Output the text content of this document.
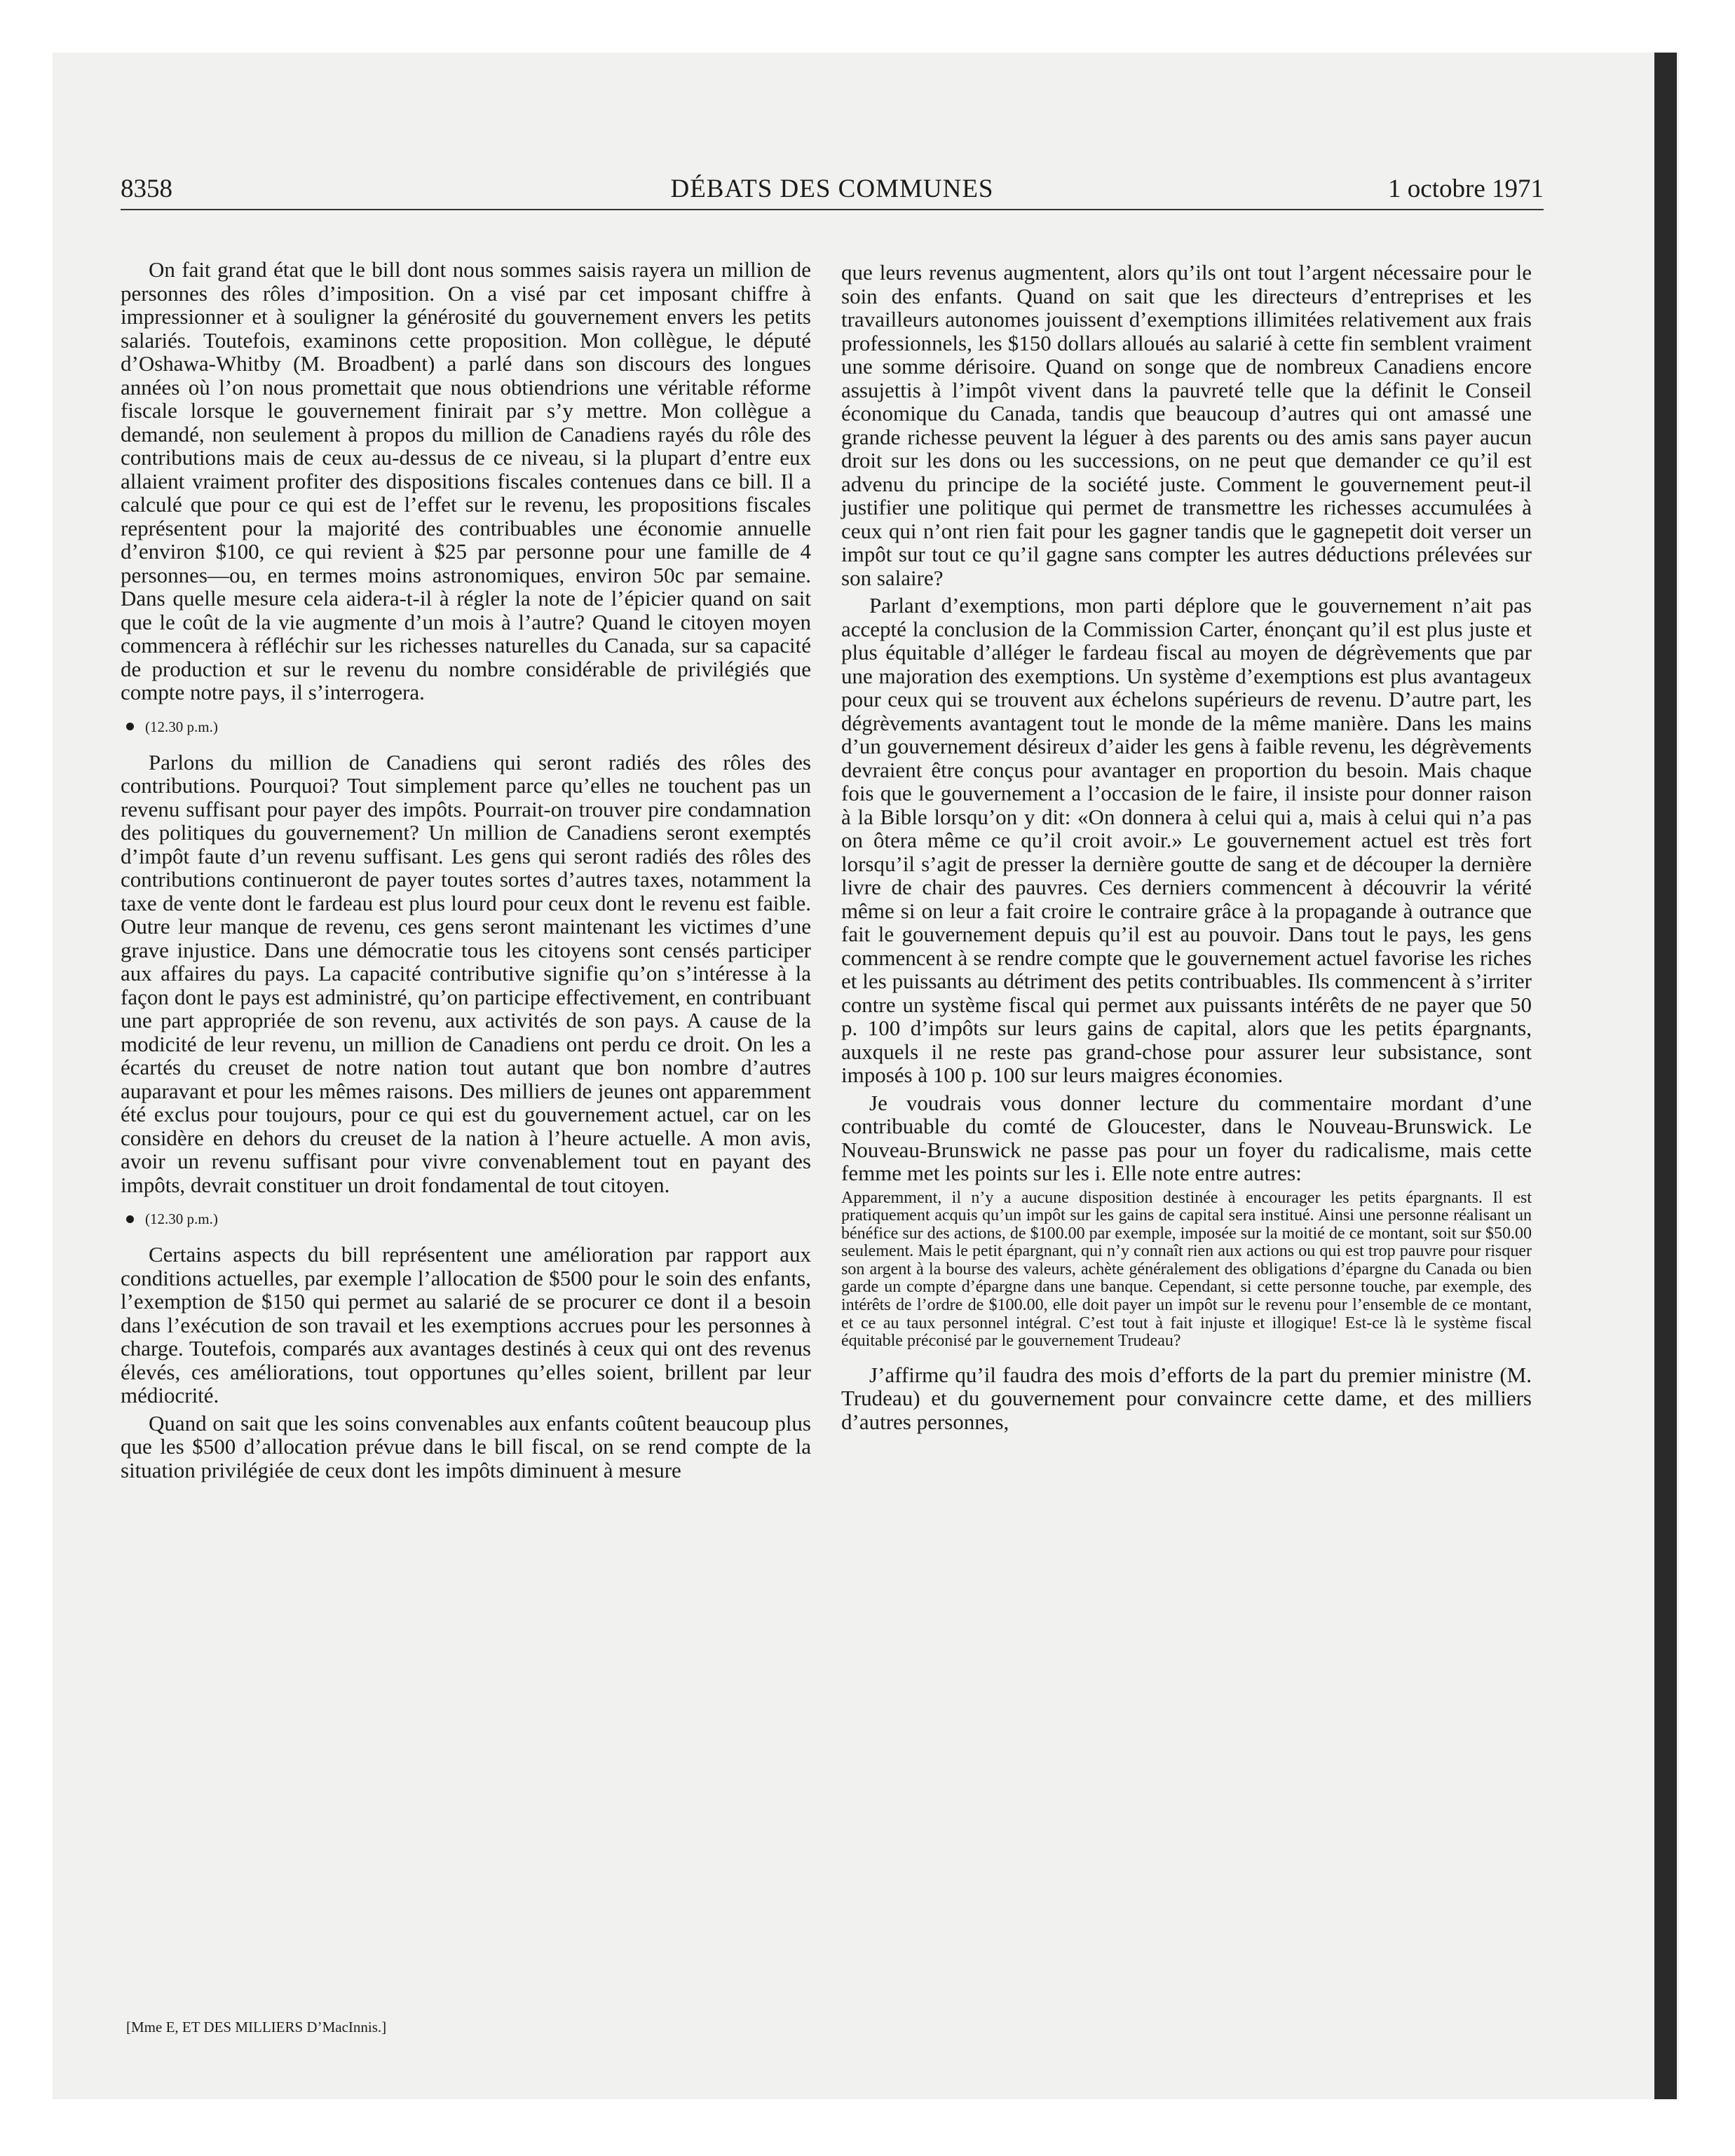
8358	DÉBATS DES COMMUNES	1 octobre 1971

On fait grand état que le bill dont nous sommes saisis rayera un million de personnes des rôles d’imposition. On a visé par cet imposant chiffre à impressionner et à souligner la générosité du gouvernement envers les petits salariés. Toutefois, examinons cette proposition. Mon collègue, le député d’Oshawa-Whitby (M. Broadbent) a parlé dans son discours des longues années où l’on nous promettait que nous obtiendrions une véritable réforme fiscale lorsque le gouvernement finirait par s’y mettre. Mon collègue a demandé, non seulement à propos du million de Canadiens rayés du rôle des contributions mais de ceux au-dessus de ce niveau, si la plupart d’entre eux allaient vraiment profiter des dispositions fiscales contenues dans ce bill. Il a calculé que pour ce qui est de l’effet sur le revenu, les propositions fiscales représentent pour la majorité des contribuables une économie annuelle d’environ $100, ce qui revient à $25 par personne pour une famille de 4 personnes—ou, en termes moins astronomiques, environ 50c par semaine. Dans quelle mesure cela aidera-t-il à régler la note de l’épicier quand on sait que le coût de la vie augmente d’un mois à l’autre? Quand le citoyen moyen commencera à réfléchir sur les richesses naturelles du Canada, sur sa capacité de production et sur le revenu du nombre considérable de privilégiés que compte notre pays, il s’interrogera.

(12.30 p.m.)

Parlons du million de Canadiens qui seront radiés des rôles des contributions. Pourquoi? Tout simplement parce qu’elles ne touchent pas un revenu suffisant pour payer des impôts. Pourrait-on trouver pire condamnation des politiques du gouvernement? Un million de Canadiens seront exemptés d’impôt faute d’un revenu suffisant. Les gens qui seront radiés des rôles des contributions continueront de payer toutes sortes d’autres taxes, notamment la taxe de vente dont le fardeau est plus lourd pour ceux dont le revenu est faible. Outre leur manque de revenu, ces gens seront maintenant les victimes d’une grave injustice. Dans une démocratie tous les citoyens sont censés participer aux affaires du pays. La capacité contributive signifie qu’on s’intéresse à la façon dont le pays est administré, qu’on participe effectivement, en contribuant une part appropriée de son revenu, aux activités de son pays. A cause de la modicité de leur revenu, un million de Canadiens ont perdu ce droit. On les a écartés du creuset de notre nation tout autant que bon nombre d’autres auparavant et pour les mêmes raisons. Des milliers de jeunes ont apparemment été exclus pour toujours, pour ce qui est du gouvernement actuel, car on les considère en dehors du creuset de la nation à l’heure actuelle. A mon avis, avoir un revenu suffisant pour vivre convenablement tout en payant des impôts, devrait constituer un droit fondamental de tout citoyen.

(12.30 p.m.)

Certains aspects du bill représentent une amélioration par rapport aux conditions actuelles, par exemple l’allocation de $500 pour le soin des enfants, l’exemption de $150 qui permet au salarié de se procurer ce dont il a besoin dans l’exécution de son travail et les exemptions accrues pour les personnes à charge. Toutefois, comparés aux avantages destinés à ceux qui ont des revenus élevés, ces améliorations, tout opportunes qu’elles soient, brillent par leur médiocrité.

Quand on sait que les soins convenables aux enfants coûtent beaucoup plus que les $500 d’allocation prévue dans le bill fiscal, on se rend compte de la situation privilégiée de ceux dont les impôts diminuent à mesure

que leurs revenus augmentent, alors qu’ils ont tout l’argent nécessaire pour le soin des enfants. Quand on sait que les directeurs d’entreprises et les travailleurs autonomes jouissent d’exemptions illimitées relativement aux frais professionnels, les $150 dollars alloués au salarié à cette fin semblent vraiment une somme dérisoire. Quand on songe que de nombreux Canadiens encore assujettis à l’impôt vivent dans la pauvreté telle que la définit le Conseil économique du Canada, tandis que beaucoup d’autres qui ont amassé une grande richesse peuvent la léguer à des parents ou des amis sans payer aucun droit sur les dons ou les successions, on ne peut que demander ce qu’il est advenu du principe de la société juste. Comment le gouvernement peut-il justifier une politique qui permet de transmettre les richesses accumulées à ceux qui n’ont rien fait pour les gagner tandis que le gagnepetit doit verser un impôt sur tout ce qu’il gagne sans compter les autres déductions prélevées sur son salaire?

Parlant d’exemptions, mon parti déplore que le gouvernement n’ait pas accepté la conclusion de la Commission Carter, énonçant qu’il est plus juste et plus équitable d’alléger le fardeau fiscal au moyen de dégrèvements que par une majoration des exemptions. Un système d’exemptions est plus avantageux pour ceux qui se trouvent aux échelons supérieurs de revenu. D’autre part, les dégrèvements avantagent tout le monde de la même manière. Dans les mains d’un gouvernement désireux d’aider les gens à faible revenu, les dégrèvements devraient être conçus pour avantager en proportion du besoin. Mais chaque fois que le gouvernement a l’occasion de le faire, il insiste pour donner raison à la Bible lorsqu’on y dit: «On donnera à celui qui a, mais à celui qui n’a pas on ôtera même ce qu’il croit avoir.» Le gouvernement actuel est très fort lorsqu’il s’agit de presser la dernière goutte de sang et de découper la dernière livre de chair des pauvres. Ces derniers commencent à découvrir la vérité même si on leur a fait croire le contraire grâce à la propagande à outrance que fait le gouvernement depuis qu’il est au pouvoir. Dans tout le pays, les gens commencent à se rendre compte que le gouvernement actuel favorise les riches et les puissants au détriment des petits contribuables. Ils commencent à s’irriter contre un système fiscal qui permet aux puissants intérêts de ne payer que 50 p. 100 d’impôts sur leurs gains de capital, alors que les petits épargnants, auxquels il ne reste pas grand-chose pour assurer leur subsistance, sont imposés à 100 p. 100 sur leurs maigres économies.

Je voudrais vous donner lecture du commentaire mordant d’une contribuable du comté de Gloucester, dans le Nouveau-Brunswick. Le Nouveau-Brunswick ne passe pas pour un foyer du radicalisme, mais cette femme met les points sur les i. Elle note entre autres:

Apparemment, il n’y a aucune disposition destinée à encourager les petits épargnants. Il est pratiquement acquis qu’un impôt sur les gains de capital sera institué. Ainsi une personne réalisant un bénéfice sur des actions, de $100.00 par exemple, imposée sur la moitié de ce montant, soit sur $50.00 seulement. Mais le petit épargnant, qui n’y connaît rien aux actions ou qui est trop pauvre pour risquer son argent à la bourse des valeurs, achète généralement des obligations d’épargne du Canada ou bien garde un compte d’épargne dans une banque. Cependant, si cette personne touche, par exemple, des intérêts de l’ordre de $100.00, elle doit payer un impôt sur le revenu pour l’ensemble de ce montant, et ce au taux personnel intégral. C’est tout à fait injuste et illogique! Est-ce là le système fiscal équitable préconisé par le gouvernement Trudeau?

J’affirme qu’il faudra des mois d’efforts de la part du premier ministre (M. Trudeau) et du gouvernement pour convaincre cette dame, et des milliers d’autres personnes,

[Mme E, ET DES MILLIERS D’MacInnis.]
